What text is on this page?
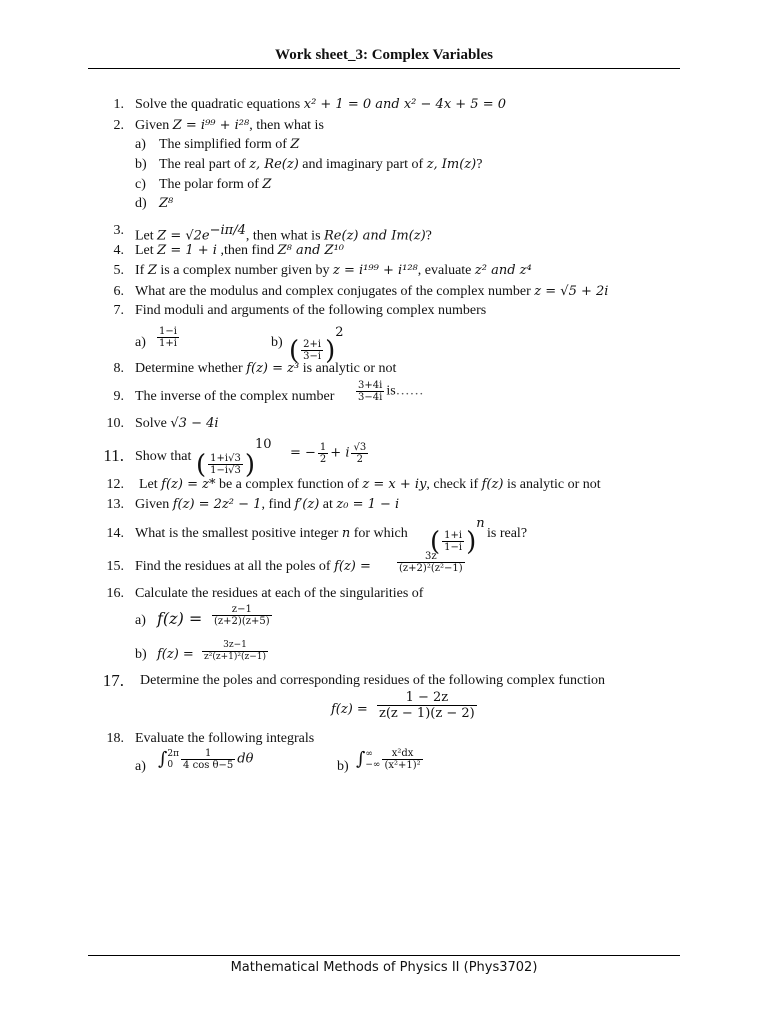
Work sheet_3: Complex Variables
1. Solve the quadratic equations x² + 1 = 0 and x² − 4x + 5 = 0
2. Given Z = i⁹⁹ + i²⁸, then what is
a) The simplified form of Z
b) The real part of z, Re(z) and imaginary part of z, Im(z)?
c) The polar form of Z
d) Z⁸
3. Let $Z = √2e^{-i\pi/4}$, then what is Re(z) and Im(z)?
4. Let Z = 1 + i ,then find Z⁸ and Z¹⁰
5. If Z is a complex number given by z = i¹⁹⁹ + i¹²⁸, evaluate z² and z⁴
6. What are the modulus and complex conjugates of the complex number z = √5 + 2i
7. Find moduli and arguments of the following complex numbers
$a) \frac{1-i}{1+i}$	b) ( $\frac{2+i}{3-i} )^2$
8. Determine whether f(z) = z³ is analytic or not
9. The inverse of the complex number $\frac{3+4i}{3-4i}$ is……
10. Solve √3 − 4i
11. Show that ( $\frac{1+i√3}{1-i√3} )^{10}$
= − $\frac{1}{2} + i \frac{√3}{2}$
12. Let f(z) = z* be a complex function of z = x + iy, check if f(z) is analytic or not
13. Given f(z) = 2z² − 1, find f′(z) at z₀ = 1 − i
14. What is the smallest positive integer n for which ( $\frac{1+i}{1-i} )^n$
is real?
15. Find the residues at all the poles of f(z) =	$\frac{3z}{\text{(z+2)²(z²−1)}}$
16. Calculate the residues at each of the singularities of
a) $f(z) = \frac{z-1}{(z+2)(z+5)}$
b) $f(z) = \frac{3z-1}{\text{z²(z+1)²(z−1)}}$
17. Determine the poles and corresponding residues of the following complex function
$f(z) = \frac{1 - 2z}{z(z - 1)(z - 2)}$
18. Evaluate the following integrals
a) ∫ 2π
$0 \frac{1}{\text{4 cos θ−5}}$ dθ	b) ∫ ∞
−∞ $\frac{\text{x²dx}}{\text{(x²+1)²}}$
Mathematical Methods of Physics II (Phys3702)
